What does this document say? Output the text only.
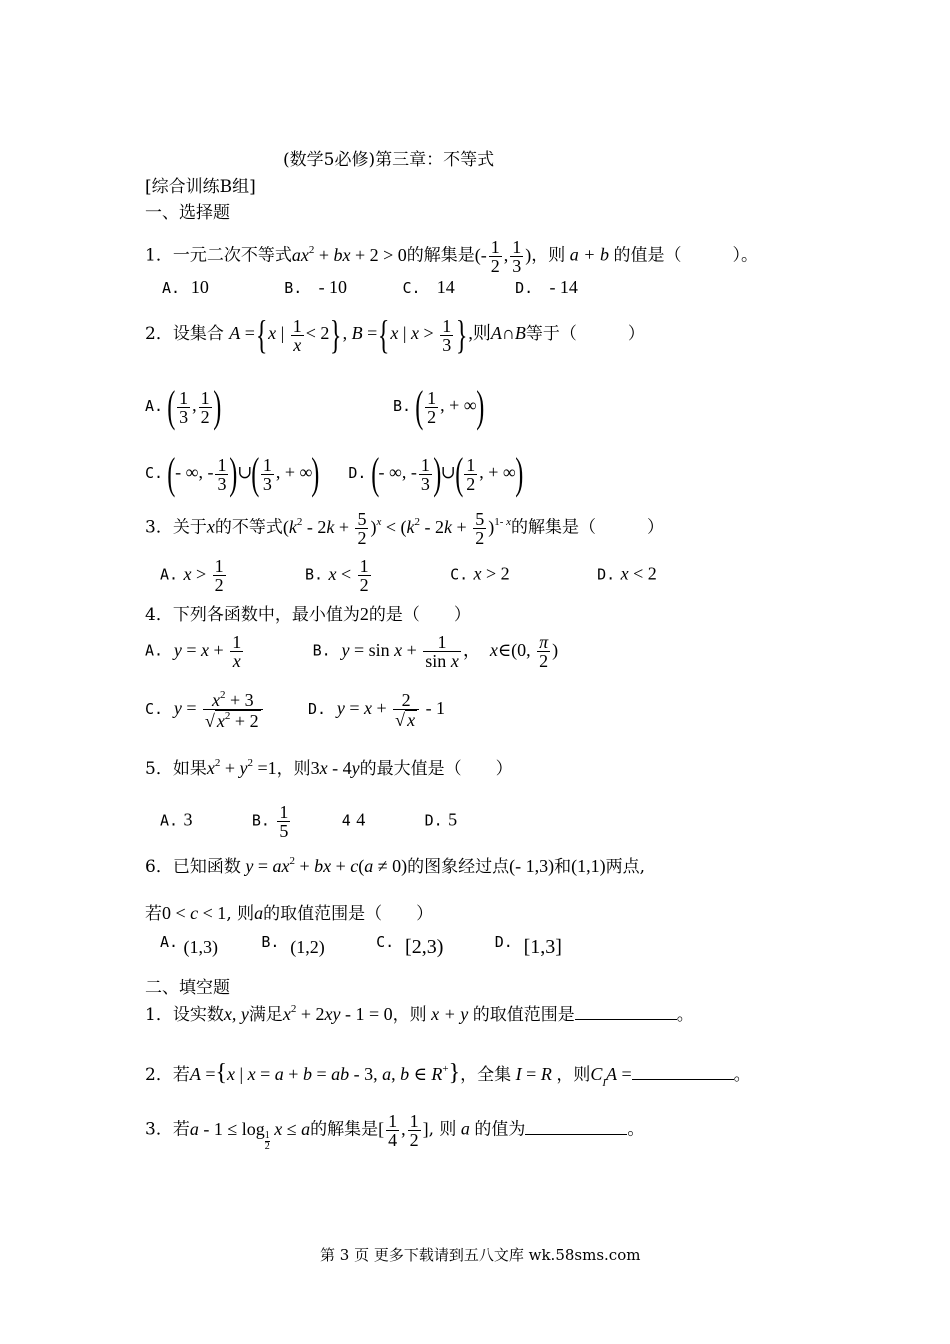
(数学5必修)第三章：不等式
[综合训练B组]
一、选择题
1．一元二次不等式$ax^2$ + bx + 2 > 0的解集是(- $\frac{1}{2}$ , $\frac{1}{3}$ )，则 a + b 的值是（　　　）。
A. 10	B. - 10	C. 14	D. - 14
2．设集合 A ={x | $\frac{1}{x} < 2$}, B ={x | $x > \frac{1}{3}$ },则A∩B等于（　　　）
A. ( $\frac{1}{3}$ , $\frac{1}{2}$ )	B. ( $\frac{1}{2}$ , + ∞)
C. (- ∞, - $\frac{1}{3}$ )∪( $\frac{1}{3}$ , + ∞) D. (- ∞, - $\frac{1}{3}$ )∪( $\frac{1}{2}$ , + ∞)
3．关于x的不等式$(k^2 - 2k + \frac{5}{2} )^x < (k^2 - 2k + \frac{5}{2} )^{1- x}$的解集是（　　　）
A. $x > \frac{1}{2}$	B. $x < \frac{1}{2}$	C. x > 2	D. x < 2
4．下列各函数中，最小值为2的是（　　）
A. $y = x + \frac{1}{x}$	B. $y = \sin x + \frac{1}{\text{sin x}}$ ，  x∈(0, $\frac{\pi}{2}$ )
C. $y = \frac{x^2 + 3}{√ x^2 + 2}$	D. $y = x + \frac{2}{√ x} - 1$
5．如果$x^2 + y^2 =1$，则3x - 4y的最大值是（　　）
A. 3	B. $\frac{1}{5}$	4 4	D. 5
6．已知函数 $y = ax^2$ + bx + c(a ≠ 0)的图象经过点(- 1,3)和(1,1)两点,
若0 < c < 1, 则a的取值范围是（　　）
A. (1,3)	B. (1,2)	C. [2,3)	D. [1,3]
二、填空题
1．设实数x, y满足$x^2 + 2xy - 1 = 0$，则 x + y 的取值范围是	。
2．若A ={x | x = a + b = ab - 3, a, b ∈ R+}，全集 I = R ，则$C_IA$ =	。
3．若a - 1 ≤ log
$\frac{1}{2}$
x ≤ a的解集是[ $\frac{1}{4}$ , $\frac{1}{2}$ ], 则 a 的值为	。
第 3 页 更多下载请到五八文库 wk.58sms.com
